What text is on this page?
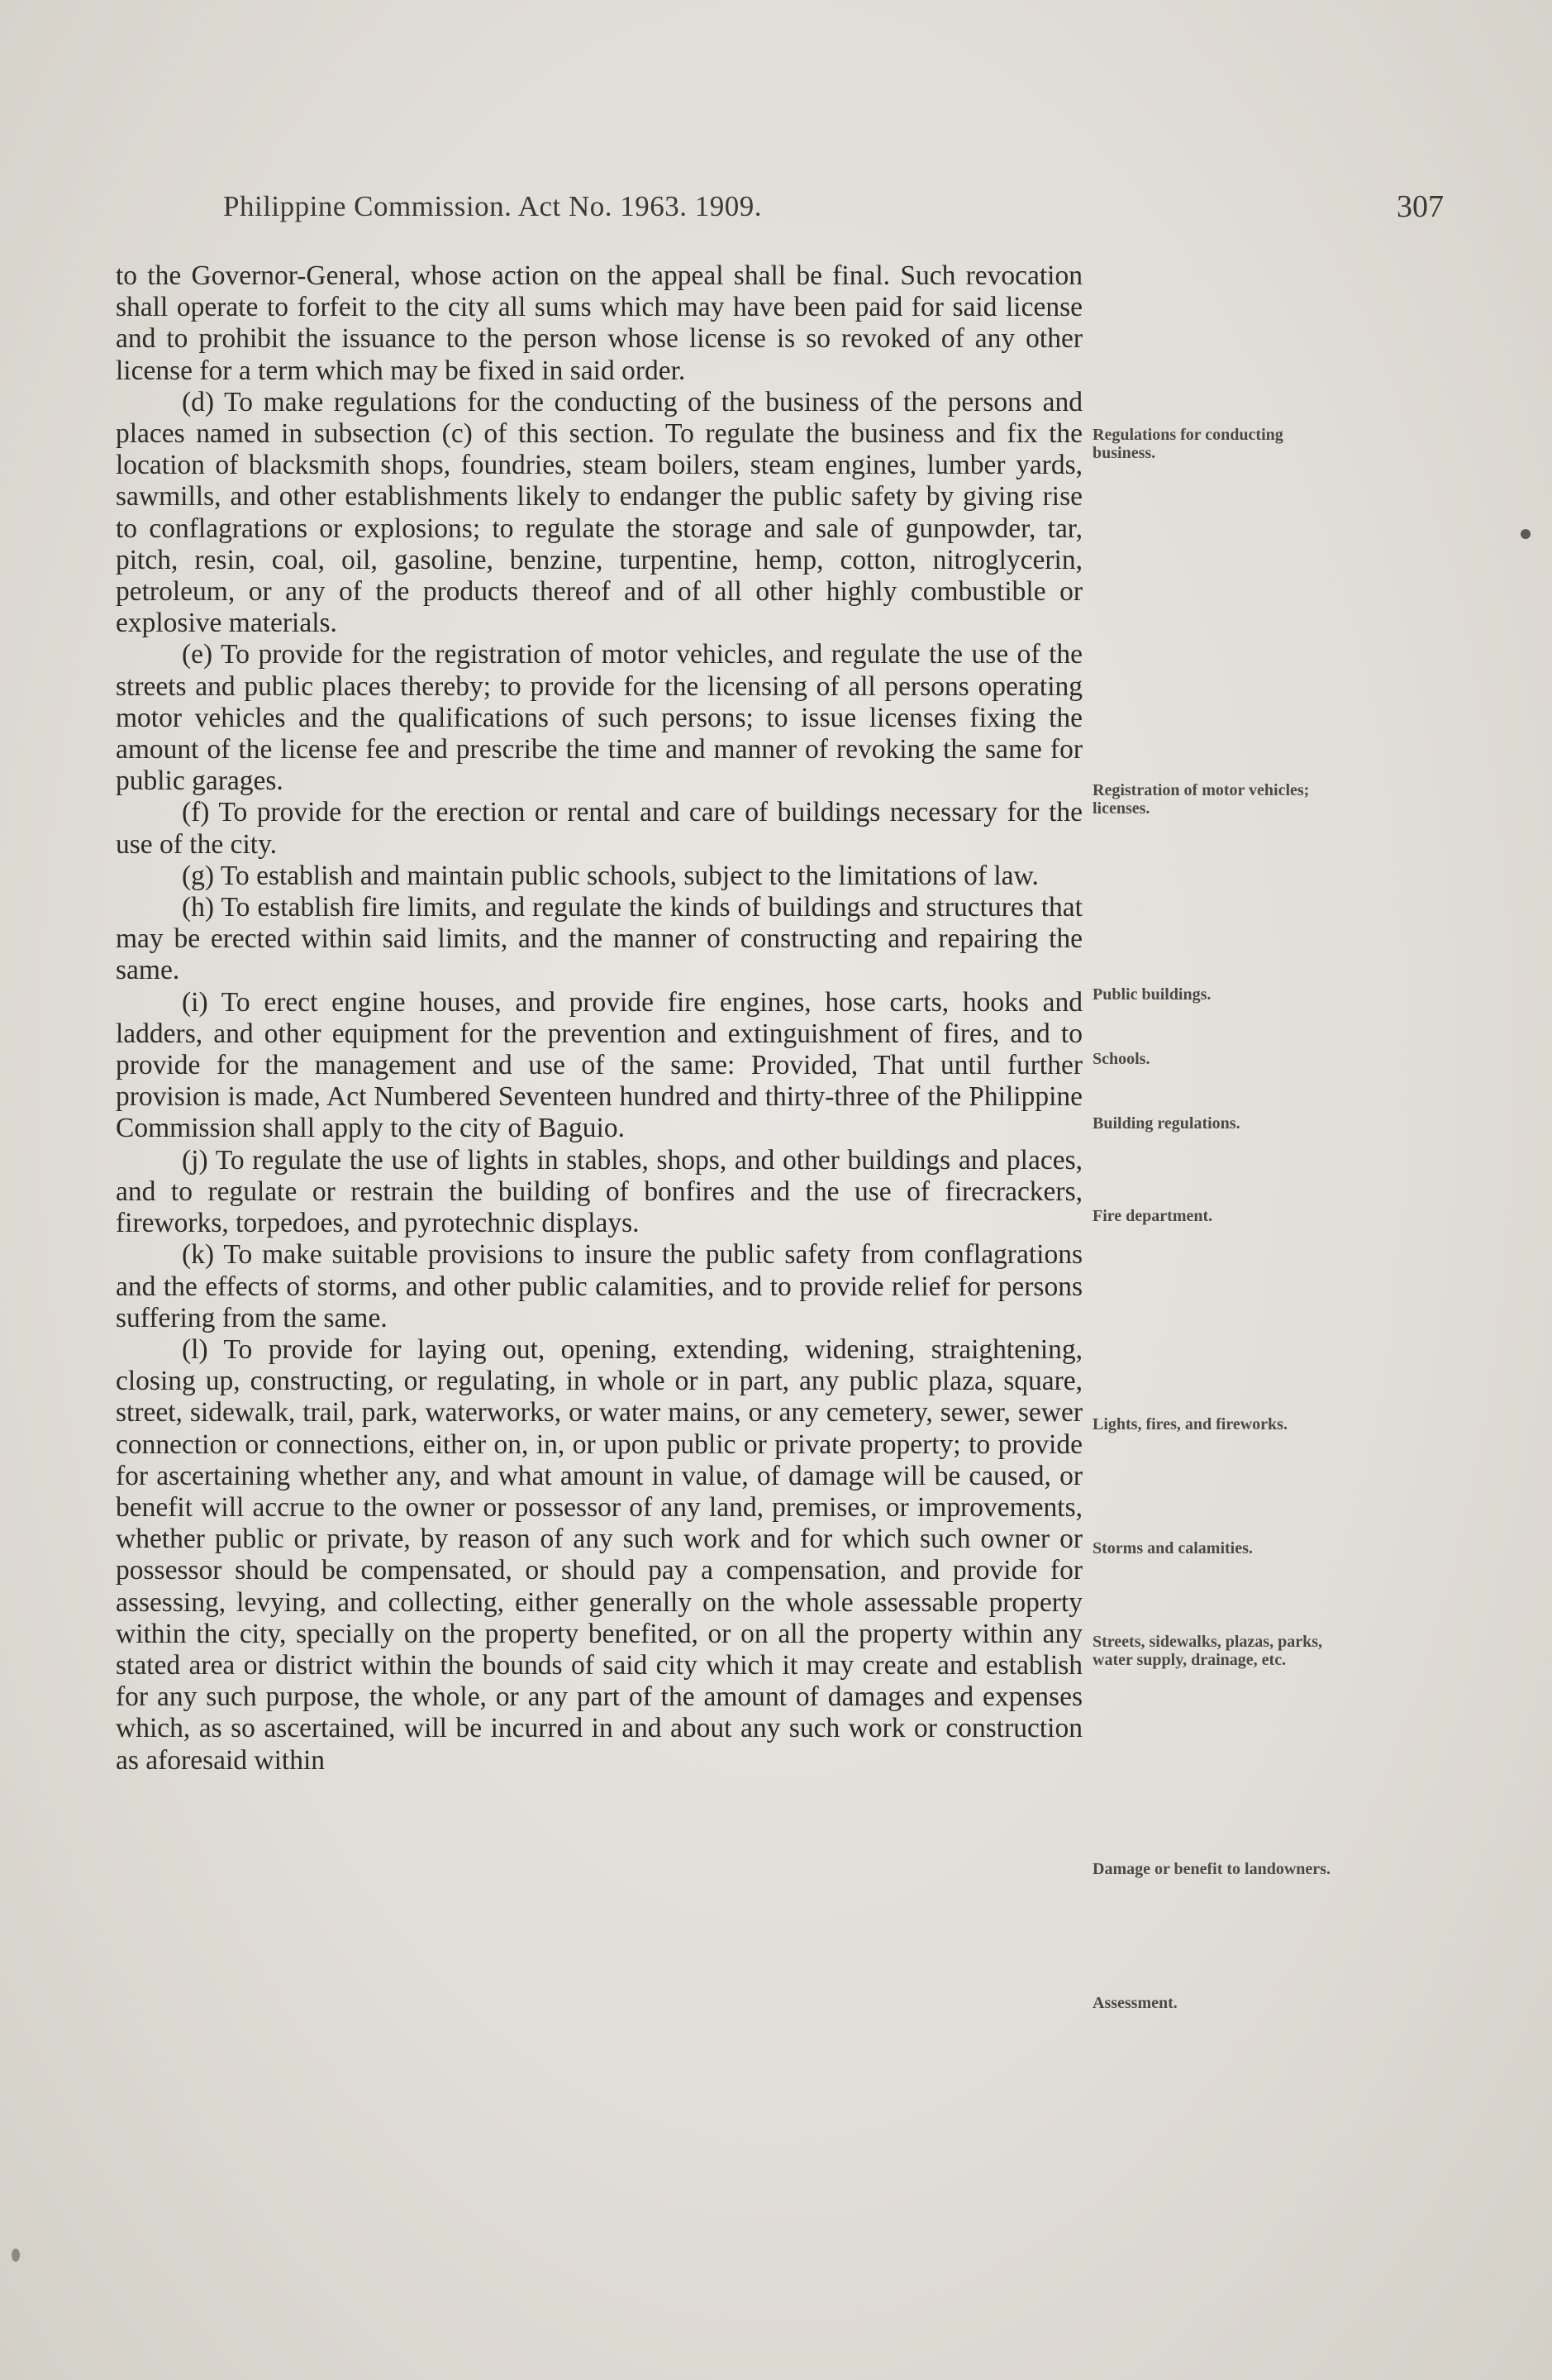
Philippine Commission. Act No. 1963. 1909.	307

to the Governor-General, whose action on the appeal shall be final. Such revocation shall operate to forfeit to the city all sums which may have been paid for said license and to prohibit the issuance to the person whose license is so revoked of any other license for a term which may be fixed in said order.

(d) To make regulations for the conducting of the business of the persons and places named in subsection (c) of this section. To regulate the business and fix the location of blacksmith shops, foundries, steam boilers, steam engines, lumber yards, sawmills, and other establishments likely to endanger the public safety by giving rise to conflagrations or explosions; to regulate the storage and sale of gunpowder, tar, pitch, resin, coal, oil, gasoline, benzine, turpentine, hemp, cotton, nitroglycerin, petroleum, or any of the products thereof and of all other highly combustible or explosive materials.

(e) To provide for the registration of motor vehicles, and regulate the use of the streets and public places thereby; to provide for the licensing of all persons operating motor vehicles and the qualifications of such persons; to issue licenses fixing the amount of the license fee and prescribe the time and manner of revoking the same for public garages.

(f) To provide for the erection or rental and care of buildings necessary for the use of the city.

(g) To establish and maintain public schools, subject to the limitations of law.

(h) To establish fire limits, and regulate the kinds of buildings and structures that may be erected within said limits, and the manner of constructing and repairing the same.

(i) To erect engine houses, and provide fire engines, hose carts, hooks and ladders, and other equipment for the prevention and extinguishment of fires, and to provide for the management and use of the same: Provided, That until further provision is made, Act Numbered Seventeen hundred and thirty-three of the Philippine Commission shall apply to the city of Baguio.

(j) To regulate the use of lights in stables, shops, and other buildings and places, and to regulate or restrain the building of bonfires and the use of firecrackers, fireworks, torpedoes, and pyrotechnic displays.

(k) To make suitable provisions to insure the public safety from conflagrations and the effects of storms, and other public calamities, and to provide relief for persons suffering from the same.

(l) To provide for laying out, opening, extending, widening, straightening, closing up, constructing, or regulating, in whole or in part, any public plaza, square, street, sidewalk, trail, park, waterworks, or water mains, or any cemetery, sewer, sewer connection or connections, either on, in, or upon public or private property; to provide for ascertaining whether any, and what amount in value, of damage will be caused, or benefit will accrue to the owner or possessor of any land, premises, or improvements, whether public or private, by reason of any such work and for which such owner or possessor should be compensated, or should pay a compensation, and provide for assessing, levying, and collecting, either generally on the whole assessable property within the city, specially on the property benefited, or on all the property within any stated area or district within the bounds of said city which it may create and establish for any such purpose, the whole, or any part of the amount of damages and expenses which, as so ascertained, will be incurred in and about any such work or construction as aforesaid within

Regulations for conducting business.
Registration of motor vehicles; licenses.
Public buildings.
Schools.
Building regulations.
Fire department.
Lights, fires, and fireworks.
Storms and calamities.
Streets, sidewalks, plazas, parks, water supply, drainage, etc.
Damage or benefit to landowners.
Assessment.
